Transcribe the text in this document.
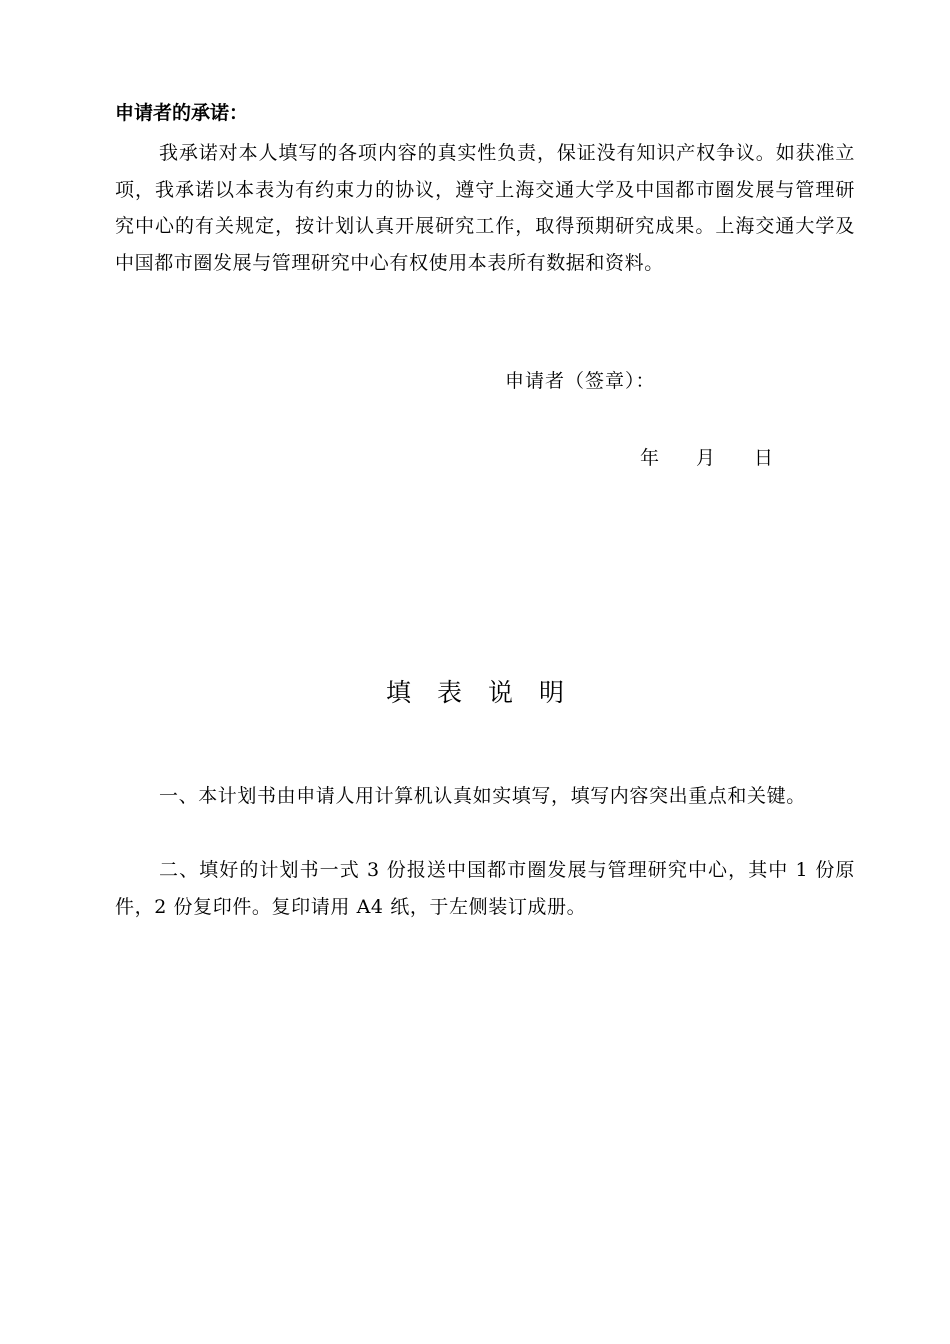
申请者的承诺：

我承诺对本人填写的各项内容的真实性负责，保证没有知识产权争议。如获准立项，我承诺以本表为有约束力的协议，遵守上海交通大学及中国都市圈发展与管理研究中心的有关规定，按计划认真开展研究工作，取得预期研究成果。上海交通大学及中国都市圈发展与管理研究中心有权使用本表所有数据和资料。

申请者（签章）：
年 月 日
填表说明

一、本计划书由申请人用计算机认真如实填写，填写内容突出重点和关键。

二、填好的计划书一式 3 份报送中国都市圈发展与管理研究中心，其中 1 份原件，2 份复印件。复印请用 A4 纸，于左侧装订成册。
